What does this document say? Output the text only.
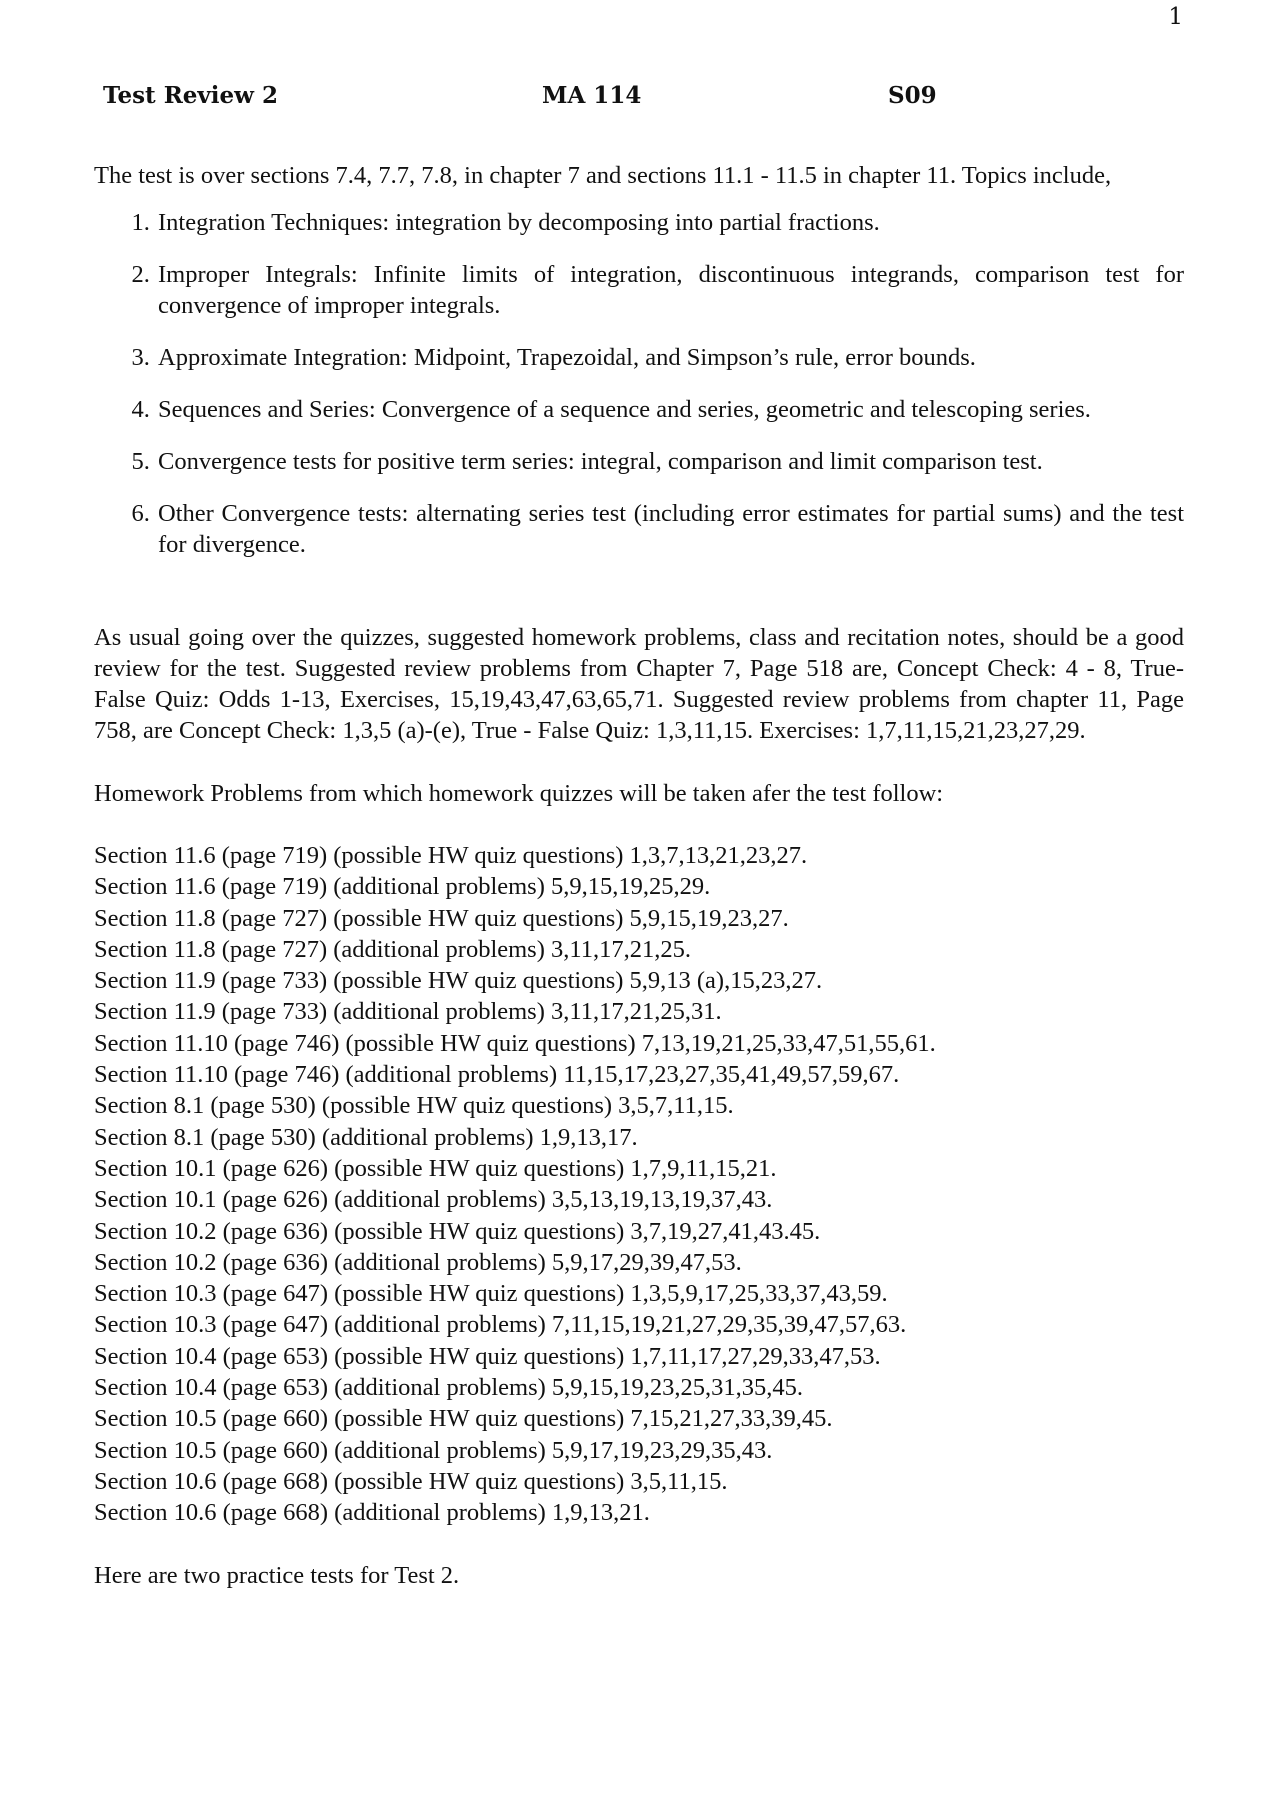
1
Test Review 2	MA 114	S09

The test is over sections 7.4, 7.7, 7.8, in chapter 7 and sections 11.1 - 11.5 in chapter 11. Topics include,

1. Integration Techniques: integration by decomposing into partial fractions.
2. Improper Integrals: Infinite limits of integration, discontinuous integrands, comparison test for convergence of improper integrals.
3. Approximate Integration: Midpoint, Trapezoidal, and Simpson’s rule, error bounds.
4. Sequences and Series: Convergence of a sequence and series, geometric and telescoping series.
5. Convergence tests for positive term series: integral, comparison and limit comparison test.
6. Other Convergence tests: alternating series test (including error estimates for partial sums) and the test for divergence.

As usual going over the quizzes, suggested homework problems, class and recitation notes, should be a good review for the test. Suggested review problems from Chapter 7, Page 518 are, Concept Check: 4 - 8, True-False Quiz: Odds 1-13, Exercises, 15,19,43,47,63,65,71. Suggested review problems from chapter 11, Page 758, are Concept Check: 1,3,5 (a)-(e), True - False Quiz: 1,3,11,15. Exercises: 1,7,11,15,21,23,27,29.

Homework Problems from which homework quizzes will be taken afer the test follow:

Section 11.6 (page 719) (possible HW quiz questions) 1,3,7,13,21,23,27.
Section 11.6 (page 719) (additional problems) 5,9,15,19,25,29.
Section 11.8 (page 727) (possible HW quiz questions) 5,9,15,19,23,27.
Section 11.8 (page 727) (additional problems) 3,11,17,21,25.
Section 11.9 (page 733) (possible HW quiz questions) 5,9,13 (a),15,23,27.
Section 11.9 (page 733) (additional problems) 3,11,17,21,25,31.
Section 11.10 (page 746) (possible HW quiz questions) 7,13,19,21,25,33,47,51,55,61.
Section 11.10 (page 746) (additional problems) 11,15,17,23,27,35,41,49,57,59,67.
Section 8.1 (page 530) (possible HW quiz questions) 3,5,7,11,15.
Section 8.1 (page 530) (additional problems) 1,9,13,17.
Section 10.1 (page 626) (possible HW quiz questions) 1,7,9,11,15,21.
Section 10.1 (page 626) (additional problems) 3,5,13,19,13,19,37,43.
Section 10.2 (page 636) (possible HW quiz questions) 3,7,19,27,41,43.45.
Section 10.2 (page 636) (additional problems) 5,9,17,29,39,47,53.
Section 10.3 (page 647) (possible HW quiz questions) 1,3,5,9,17,25,33,37,43,59.
Section 10.3 (page 647) (additional problems) 7,11,15,19,21,27,29,35,39,47,57,63.
Section 10.4 (page 653) (possible HW quiz questions) 1,7,11,17,27,29,33,47,53.
Section 10.4 (page 653) (additional problems) 5,9,15,19,23,25,31,35,45.
Section 10.5 (page 660) (possible HW quiz questions) 7,15,21,27,33,39,45.
Section 10.5 (page 660) (additional problems) 5,9,17,19,23,29,35,43.
Section 10.6 (page 668) (possible HW quiz questions) 3,5,11,15.
Section 10.6 (page 668) (additional problems) 1,9,13,21.

Here are two practice tests for Test 2.
